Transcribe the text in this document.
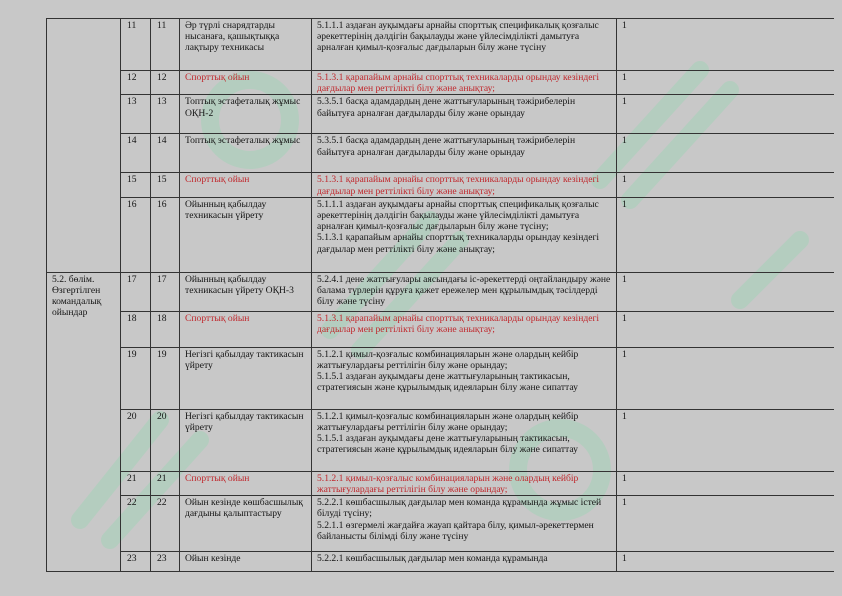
	11	11	Әр түрлі снарядтарды нысанаға, қашықтыққа лақтыру техникасы	5.1.1.1 аздаған ауқымдағы арнайы спорттық спецификалық қозғалыс әрекеттерінің дәлдігін бақылауды және үйлесімділікті дамытуға арналған қимыл-қозғалыс дағдыларын білу және түсіну	1
	12	12	Спорттық ойын	5.1.3.1 қарапайым арнайы спорттық техникаларды орындау кезіндегі дағдылар мен реттілікті білу және анықтау;	1
	13	13	Топтық эстафеталық жұмыс ОҚН-2	5.3.5.1 басқа адамдардың дене жаттығуларының тәжірибелерін байытуға арналған дағдыларды білу және орындау	1
	14	14	Топтық эстафеталық жұмыс	5.3.5.1 басқа адамдардың дене жаттығуларының тәжірибелерін байытуға арналған дағдыларды білу және орындау	1
	15	15	Спорттық ойын	5.1.3.1 қарапайым арнайы спорттық техникаларды орындау кезіндегі дағдылар мен реттілікті білу және анықтау;	1
	16	16	Ойынның қабылдау техникасын үйрету	5.1.1.1 аздаған ауқымдағы арнайы спорттық спецификалық қозғалыс әрекеттерінің дәлдігін бақылауды және үйлесімділікті дамытуға арналған қимыл-қозғалыс дағдыларын білу және түсіну;
5.1.3.1 қарапайым арнайы спорттық техникаларды орындау кезіндегі дағдылар мен реттілікті білу және анықтау;	1
5.2. бөлім. Өзгертілген командалық ойындар	17	17	Ойынның қабылдау техникасын үйрету ОҚН-3	5.2.4.1 дене жаттығулары аясындағы іс-әрекеттерді оңтайландыру және балама түрлерін құруға қажет ережелер мен құрылымдық тәсілдерді білу және түсіну	1
	18	18	Спорттық ойын	5.1.3.1 қарапайым арнайы спорттық техникаларды орындау кезіндегі дағдылар мен реттілікті білу және анықтау;	1
	19	19	Негізгі қабылдау тактикасын үйрету	5.1.2.1 қимыл-қозғалыс комбинацияларын және олардың кейбір жаттығулардағы реттілігін білу және орындау;
5.1.5.1 аздаған ауқымдағы дене жаттығуларының тактикасын, стратегиясын және құрылымдық идеяларын білу және сипаттау	1
	20	20	Негізгі қабылдау тактикасын үйрету	5.1.2.1 қимыл-қозғалыс комбинацияларын және олардың кейбір жаттығулардағы реттілігін білу және орындау;
5.1.5.1 аздаған ауқымдағы дене жаттығуларының тактикасын, стратегиясын және құрылымдық идеяларын білу және сипаттау	1
	21	21	Спорттық ойын	5.1.2.1 қимыл-қозғалыс комбинацияларын және олардың кейбір жаттығулардағы реттілігін білу және орындау;	1
	22	22	Ойын кезінде көшбасшылық дағдыны қалыптастыру	5.2.2.1 көшбасшылық дағдылар мен команда құрамында жұмыс істей білуді түсіну;
5.2.1.1 өзгермелі жағдайға жауап қайтара білу, қимыл-әрекеттермен байланысты білімді білу және түсіну	1
	23	23	Ойын кезінде	5.2.2.1 көшбасшылық дағдылар мен команда құрамында	1
